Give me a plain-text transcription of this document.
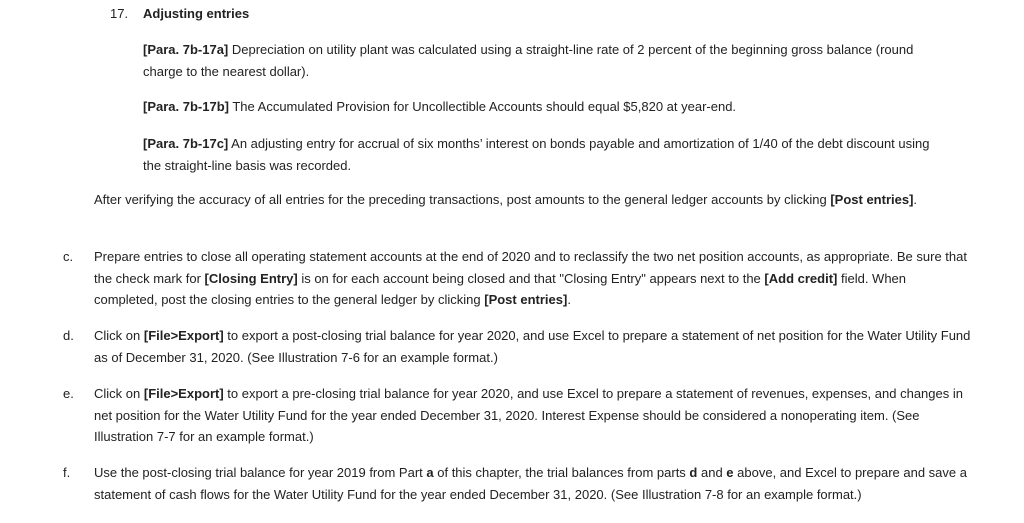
17. Adjusting entries

[Para. 7b-17a] Depreciation on utility plant was calculated using a straight-line rate of 2 percent of the beginning gross balance (round charge to the nearest dollar).

[Para. 7b-17b] The Accumulated Provision for Uncollectible Accounts should equal $5,820 at year-end.

[Para. 7b-17c] An adjusting entry for accrual of six months’ interest on bonds payable and amortization of 1/40 of the debt discount using the straight-line basis was recorded.

After verifying the accuracy of all entries for the preceding transactions, post amounts to the general ledger accounts by clicking [Post entries].

c. Prepare entries to close all operating statement accounts at the end of 2020 and to reclassify the two net position accounts, as appropriate. Be sure that the check mark for [Closing Entry] is on for each account being closed and that "Closing Entry" appears next to the [Add credit] field. When completed, post the closing entries to the general ledger by clicking [Post entries].

d. Click on [File>Export] to export a post-closing trial balance for year 2020, and use Excel to prepare a statement of net position for the Water Utility Fund as of December 31, 2020. (See Illustration 7-6 for an example format.)

e. Click on [File>Export] to export a pre-closing trial balance for year 2020, and use Excel to prepare a statement of revenues, expenses, and changes in net position for the Water Utility Fund for the year ended December 31, 2020. Interest Expense should be considered a nonoperating item. (See Illustration 7-7 for an example format.)

f. Use the post-closing trial balance for year 2019 from Part a of this chapter, the trial balances from parts d and e above, and Excel to prepare and save a statement of cash flows for the Water Utility Fund for the year ended December 31, 2020. (See Illustration 7-8 for an example format.)
